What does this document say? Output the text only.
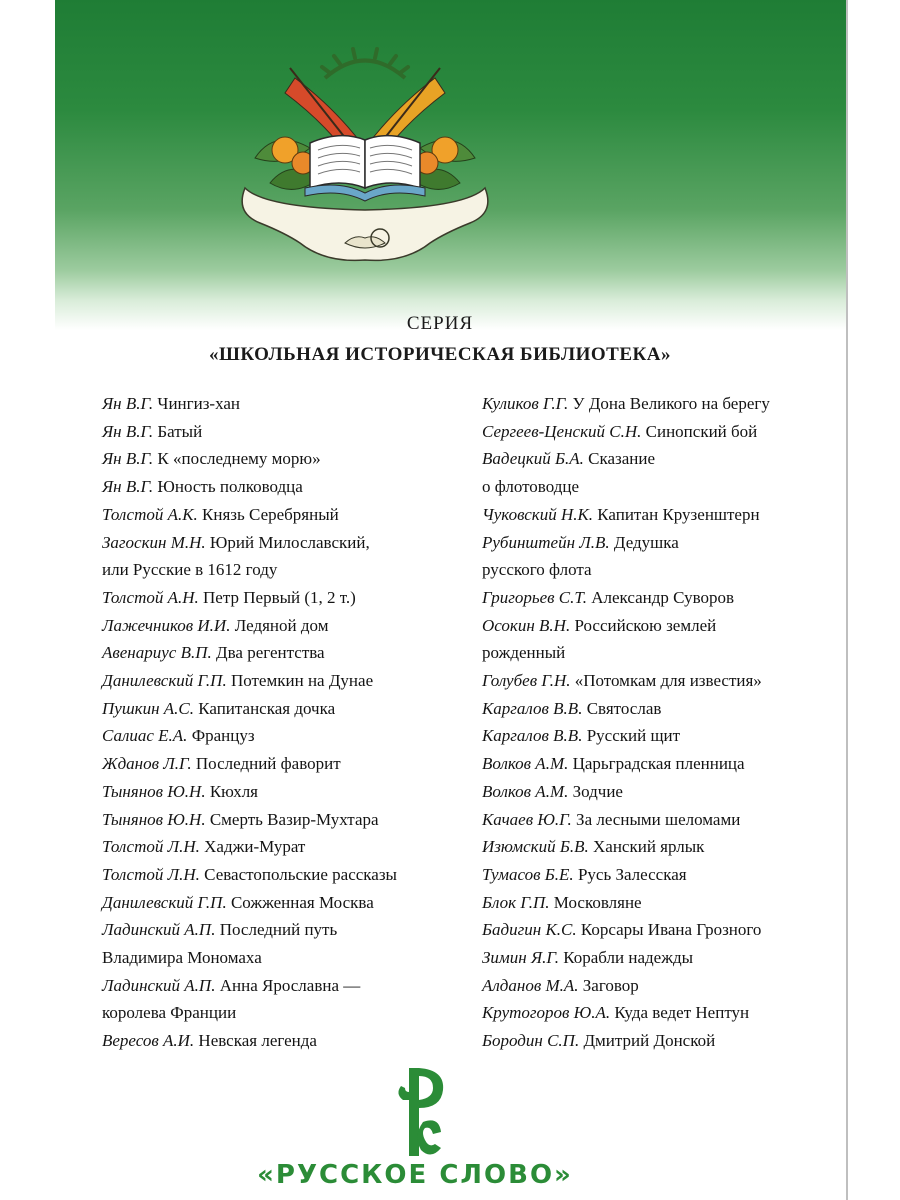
СЕРИЯ
«ШКОЛЬНАЯ ИСТОРИЧЕСКАЯ БИБЛИОТЕКА»
Ян В.Г. Чингиз-хан
Ян В.Г. Батый
Ян В.Г. К «последнему морю»
Ян В.Г. Юность полководца
Толстой А.К. Князь Серебряный
Загоскин М.Н. Юрий Милославский,
или Русские в 1612 году
Толстой А.Н. Петр Первый (1, 2 т.)
Лажечников И.И. Ледяной дом
Авенариус В.П. Два регентства
Данилевский Г.П. Потемкин на Дунае
Пушкин А.С. Капитанская дочка
Салиас Е.А. Француз
Жданов Л.Г. Последний фаворит
Тынянов Ю.Н. Кюхля
Тынянов Ю.Н. Смерть Вазир-Мухтара
Толстой Л.Н. Хаджи-Мурат
Толстой Л.Н. Севастопольские рассказы
Данилевский Г.П. Сожженная Москва
Ладинский А.П. Последний путь
Владимира Мономаха
Ладинский А.П. Анна Ярославна —
королева Франции
Вересов А.И. Невская легенда
Куликов Г.Г. У Дона Великого на берегу
Сергеев-Ценский С.Н. Синопский бой
Вадецкий Б.А. Сказание
о флотоводце
Чуковский Н.К. Капитан Крузенштерн
Рубинштейн Л.В. Дедушка
русского флота
Григорьев С.Т. Александр Суворов
Осокин В.Н. Российскою землей
рожденный
Голубев Г.Н. «Потомкам для известия»
Каргалов В.В. Святослав
Каргалов В.В. Русский щит
Волков А.М. Царьградская пленница
Волков А.М. Зодчие
Качаев Ю.Г. За лесными шеломами
Изюмский Б.В. Ханский ярлык
Тумасов Б.Е. Русь Залесская
Блок Г.П. Московляне
Бадигин К.С. Корсары Ивана Грозного
Зимин Я.Г. Корабли надежды
Алданов М.А. Заговор
Крутогоров Ю.А. Куда ведет Нептун
Бородин С.П. Дмитрий Донской
«РУССКОЕ СЛОВО»
